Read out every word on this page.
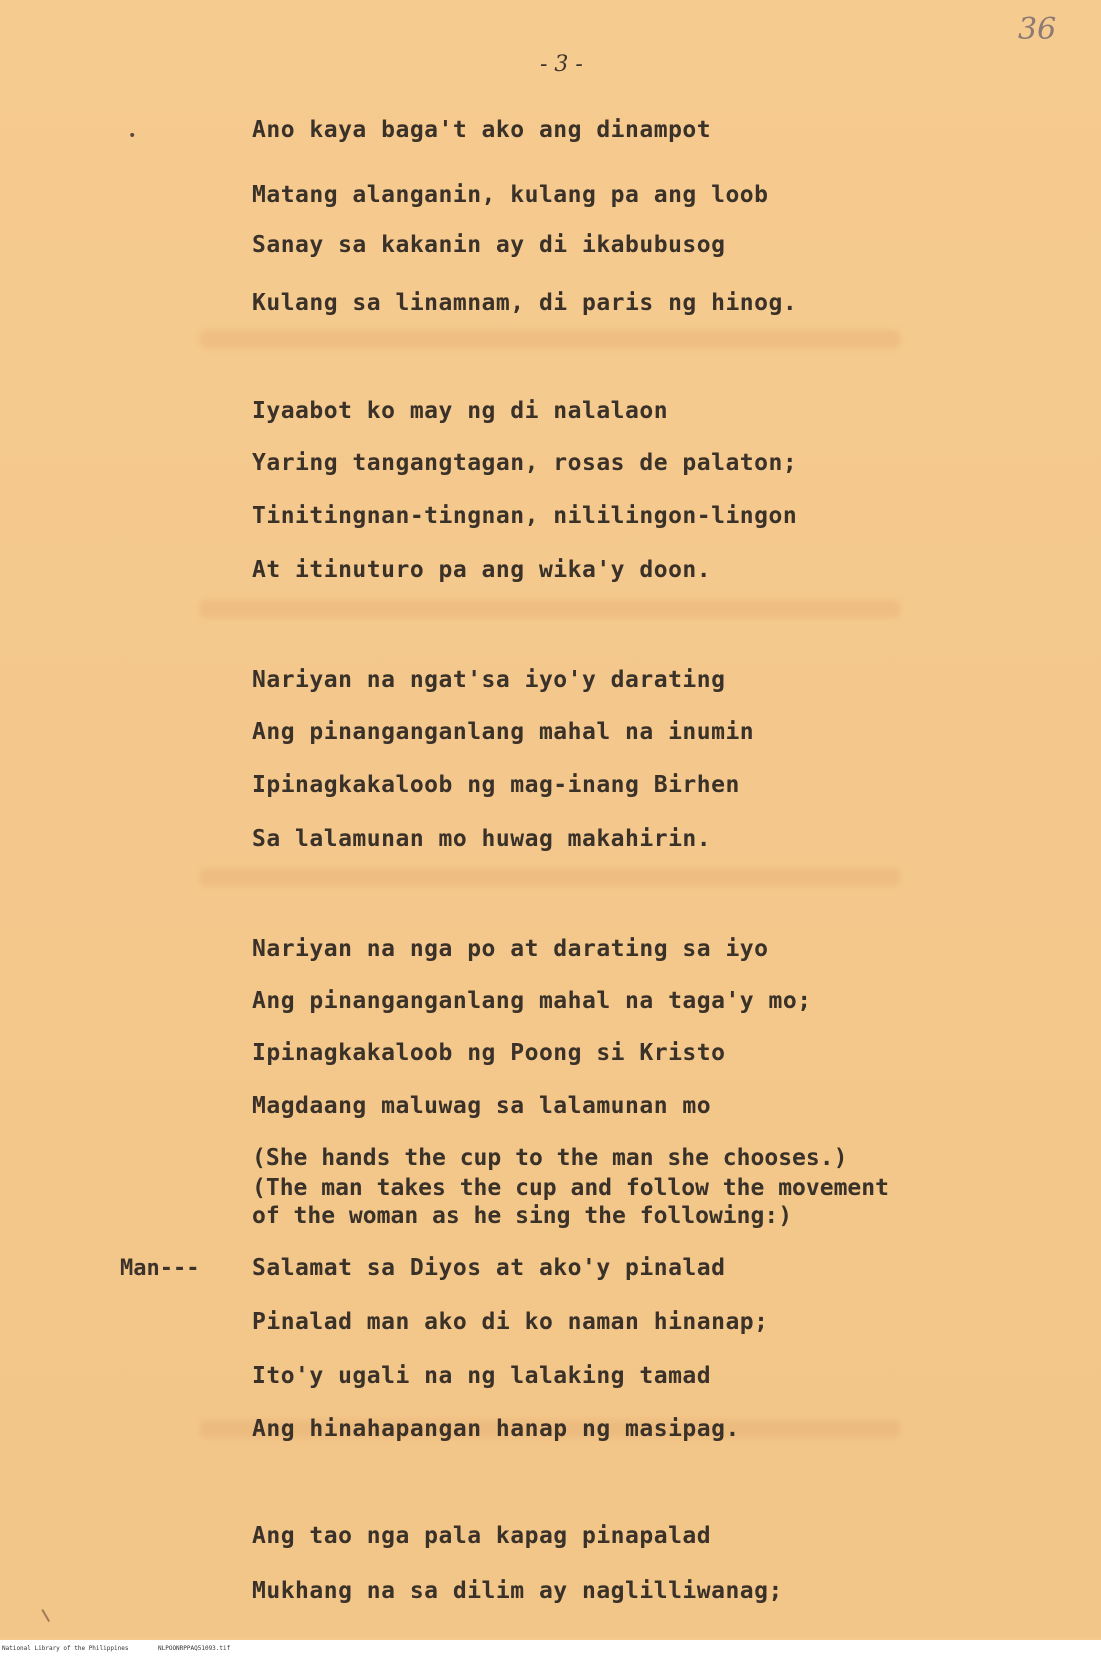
36
- 3 -
•	Ano kaya baga't ako ang dinampot
Matang alanganin, kulang pa ang loob
Sanay sa kakanin ay di ikabubusog
Kulang sa linamnam, di paris ng hinog.
Iyaabot ko may ng di nalalaon
Yaring tangangtagan, rosas de palaton;
Tinitingnan-tingnan, nililingon-lingon
At itinuturo pa ang wika'y doon.
Nariyan na ngat'sa iyo'y darating
Ang pinanganganlang mahal na inumin
Ipinagkakaloob ng mag-inang Birhen
Sa lalamunan mo huwag makahirin.
Nariyan na nga po at darating sa iyo
Ang pinanganganlang mahal na taga'y mo;
Ipinagkakaloob ng Poong si Kristo
Magdaang maluwag sa lalamunan mo
(She hands the cup to the man she chooses.)
(The man takes the cup and follow the movement
of the woman as he sing the following:)
Man--- Salamat sa Diyos at ako'y pinalad
Pinalad man ako di ko naman hinanap;
Ito'y ugali na ng lalaking tamad
Ang hinahapangan hanap ng masipag.
Ang tao nga pala kapag pinapalad
Mukhang na sa dilim ay naglilliwanag;
National Library of the Philippines	NLPOONRPPAQ51093.tif
